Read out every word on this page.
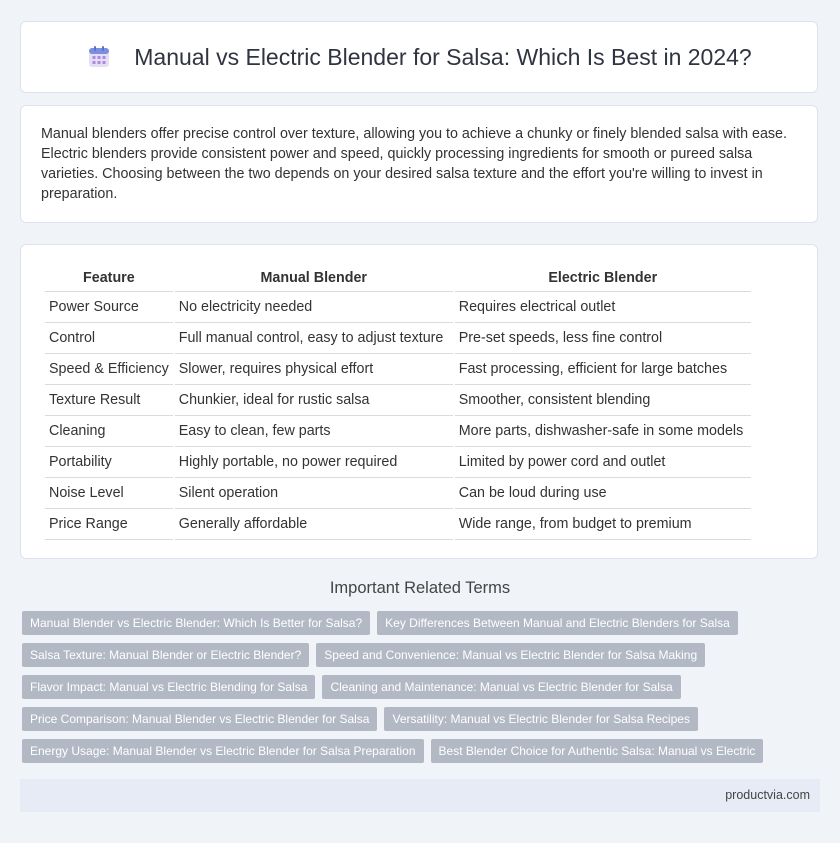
Manual vs Electric Blender for Salsa: Which Is Best in 2024?
Manual blenders offer precise control over texture, allowing you to achieve a chunky or finely blended salsa with ease. Electric blenders provide consistent power and speed, quickly processing ingredients for smooth or pureed salsa varieties. Choosing between the two depends on your desired salsa texture and the effort you're willing to invest in preparation.
Feature	Manual Blender	Electric Blender
Power Source	No electricity needed	Requires electrical outlet
Control	Full manual control, easy to adjust texture	Pre-set speeds, less fine control
Speed & Efficiency	Slower, requires physical effort	Fast processing, efficient for large batches
Texture Result	Chunkier, ideal for rustic salsa	Smoother, consistent blending
Cleaning	Easy to clean, few parts	More parts, dishwasher-safe in some models
Portability	Highly portable, no power required	Limited by power cord and outlet
Noise Level	Silent operation	Can be loud during use
Price Range	Generally affordable	Wide range, from budget to premium
Important Related Terms
Manual Blender vs Electric Blender: Which Is Better for Salsa?	Key Differences Between Manual and Electric Blenders for Salsa
Salsa Texture: Manual Blender or Electric Blender?	Speed and Convenience: Manual vs Electric Blender for Salsa Making
Flavor Impact: Manual vs Electric Blending for Salsa	Cleaning and Maintenance: Manual vs Electric Blender for Salsa
Price Comparison: Manual Blender vs Electric Blender for Salsa	Versatility: Manual vs Electric Blender for Salsa Recipes
Energy Usage: Manual Blender vs Electric Blender for Salsa Preparation	Best Blender Choice for Authentic Salsa: Manual vs Electric
productvia.com
